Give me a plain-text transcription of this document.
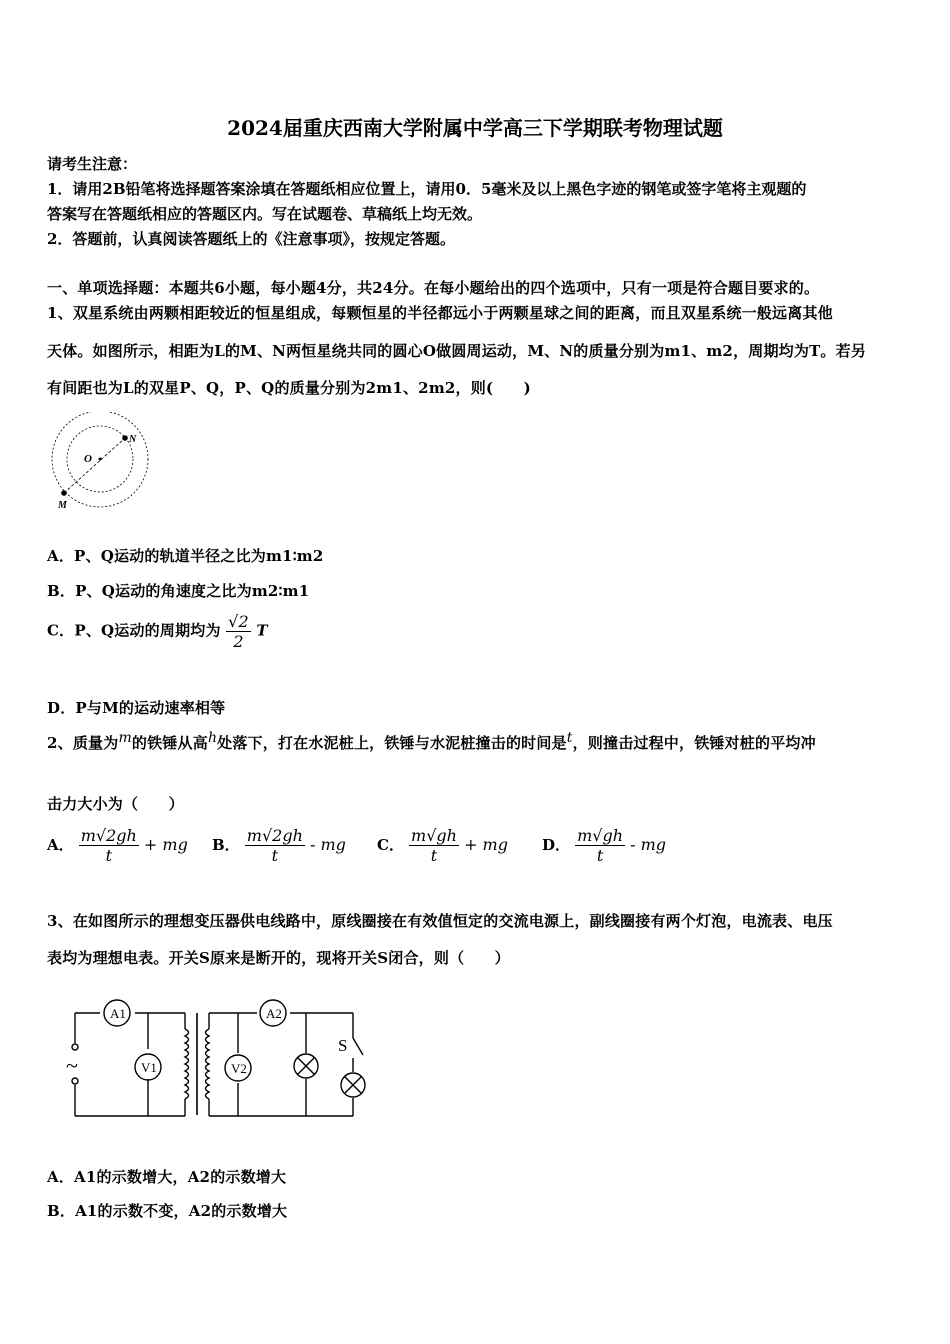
2024届重庆西南大学附属中学高三下学期联考物理试题
请考生注意：
1．请用2B铅笔将选择题答案涂填在答题纸相应位置上，请用0．5毫米及以上黑色字迹的钢笔或签字笔将主观题的
答案写在答题纸相应的答题区内。写在试题卷、草稿纸上均无效。
2．答题前，认真阅读答题纸上的《注意事项》，按规定答题。
一、单项选择题：本题共6小题，每小题4分，共24分。在每小题给出的四个选项中，只有一项是符合题目要求的。
1、双星系统由两颗相距较近的恒星组成，每颗恒星的半径都远小于两颗星球之间的距离，而且双星系统一般远离其他
天体。如图所示，相距为L的M、N两恒星绕共同的圆心O做圆周运动，M、N的质量分别为m1、m2，周期均为T。若另
有间距也为L的双星P、Q，P、Q的质量分别为2m1、2m2，则(　　)
O
N
M
A．P、Q运动的轨道半径之比为m1∶m2
B．P、Q运动的角速度之比为m2∶m1
C．P、Q运动的周期均为 $\frac{√2}{2}$ T
D．P与M的运动速率相等
2、质量为$^m$的铁锤从高$^h$处落下，打在水泥桩上，铁锤与水泥桩撞击的时间是$^t$，则撞击过程中，铁锤对桩的平均冲
击力大小为（　　）
A． $\frac{m√2gh}{t}$ + mg B． $\frac{m√2gh}{t}$ - mg C． $\frac{m√gh}{t}$ + mg D． $\frac{m√gh}{t}$ - mg
3、在如图所示的理想变压器供电线路中，原线圈接在有效值恒定的交流电源上，副线圈接有两个灯泡，电流表、电压
表均为理想电表。开关S原来是断开的，现将开关S闭合，则（　　）
A1	A2
V1	V2
S
~
A．A1的示数增大，A2的示数增大
B．A1的示数不变，A2的示数增大
